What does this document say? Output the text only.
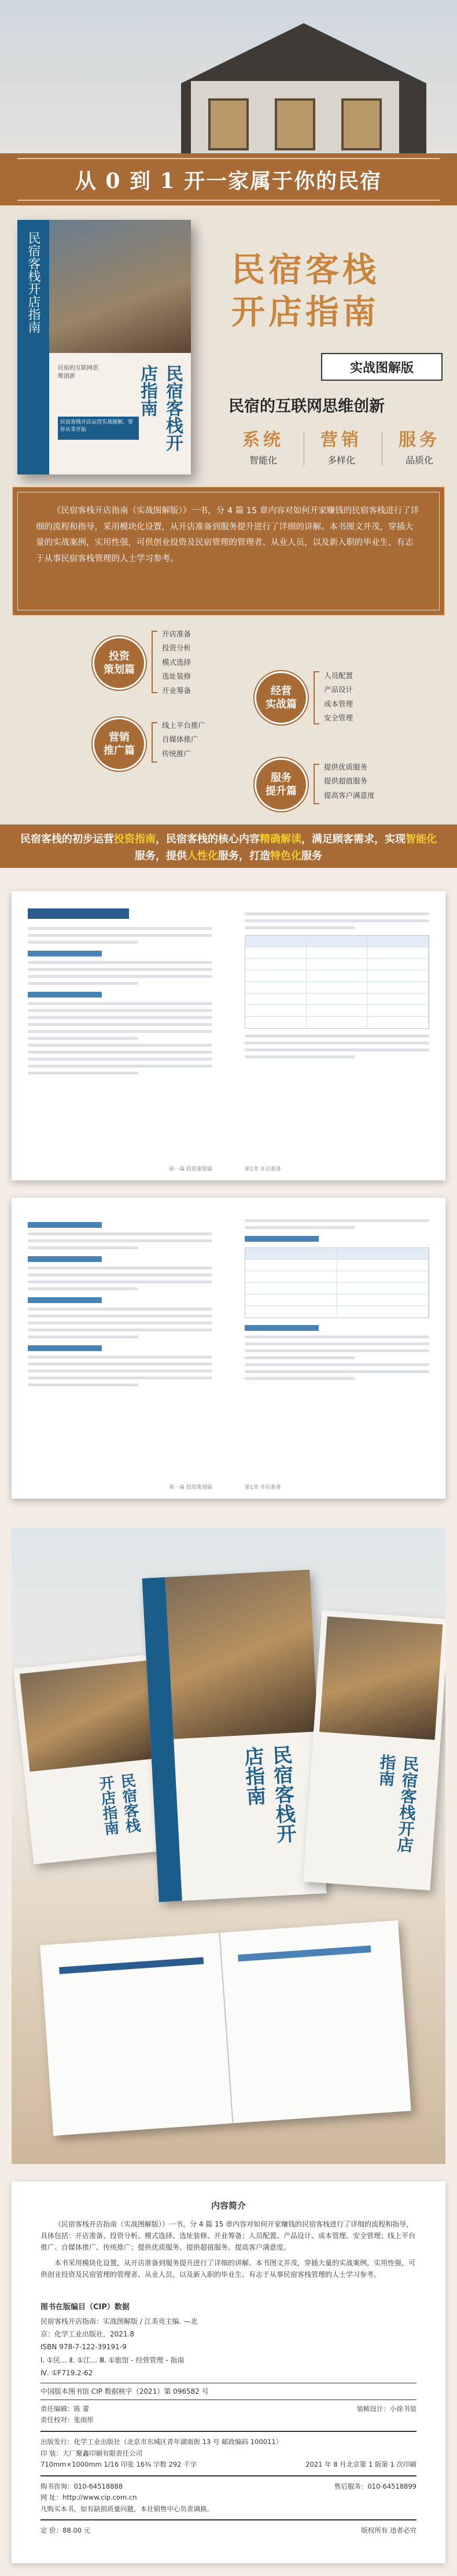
从 0 到 1 开一家属于你的民宿
民宿客栈开店指南
民宿的互联网思维创新	民宿客栈开店指南
民宿客栈开店运营实战图解，帮你从零开始
民宿客栈
开店指南
实战图解版
民宿的互联网思维创新
系统
智能化
营销
多样化
服务
品质化
《民宿客栈开店指南（实战图解版）》一书，分 4 篇 15 章内容对如何开家赚钱的民宿客栈进行了详细的流程和指导，采用模块化设置，从开店准备到服务提升进行了详细的讲解。本书图文并茂，穿插大量的实战案例，实用性强，可供创业投资及民宿管理的管理者、从业人员，以及新入职的毕业生、有志于从事民宿客栈管理的人士学习参考。
投资
策划篇
开店准备
投资分析
模式选择
选址装修
开业筹备
营销
推广篇
线上平台推广
自媒体推广
传统推广
经营
实战篇
人员配置
产品设计
成本管理
安全管理
服务
提升篇
提供优质服务
提供超值服务
提高客户满意度
民宿客栈的初步运营投资指南，民宿客栈的核心内容精确解读，满足顾客需求，实现智能化服务，提供人性化服务，打造特色化服务
第一篇 投资策划篇	第1章 开店准备
第一篇 投资策划篇	第1章 开店准备
民宿客栈开店指南	民宿客栈开店指南	民宿客栈开店指南
内容简介

《民宿客栈开店指南（实战图解版）》一书，分 4 篇 15 章内容对如何开家赚钱的民宿客栈进行了详细的流程和指导，具体包括：开店准备、投资分析、模式选择、选址装修、开业筹备；人员配置、产品设计、成本管理、安全管理；线上平台推广、自媒体推广、传统推广；提供优质服务、提供超值服务、提高客户满意度。

本书采用模块化设置，从开店准备到服务提升进行了详细的讲解。本书图文并茂，穿插大量的实战案例，实用性强，可供创业投资及民宿管理的管理者、从业人员，以及新入职的毕业生、有志于从事民宿客栈管理的人士学习参考。

图书在版编目（CIP）数据
民宿客栈开店指南：实战图解版 / 江美亮主编. —北
京：化学工业出版社，2021.8
ISBN 978-7-122-39191-9
Ⅰ. ①民… Ⅱ. ①江… Ⅲ. ①旅馆 - 经营管理 - 指南
Ⅳ. ①F719.2-62
中国版本图书馆 CIP 数据核字（2021）第 096582 号
责任编辑：陈 蕾	装帧设计：小徐书装
责任校对：张雨彤
出版发行：化学工业出版社（北京市东城区青年湖南街 13 号 邮政编码 100011）
印 装：大厂聚鑫印刷有限责任公司
710mm×1000mm 1/16 印张 16¾ 字数 292 千字	2021 年 8 月北京第 1 版第 1 次印刷
购书咨询：010-64518888	售后服务：010-64518899
网 址：http://www.cip.com.cn
凡购买本书，如有缺损质量问题，本社销售中心负责调换。
定 价：88.00 元	版权所有 违者必究
